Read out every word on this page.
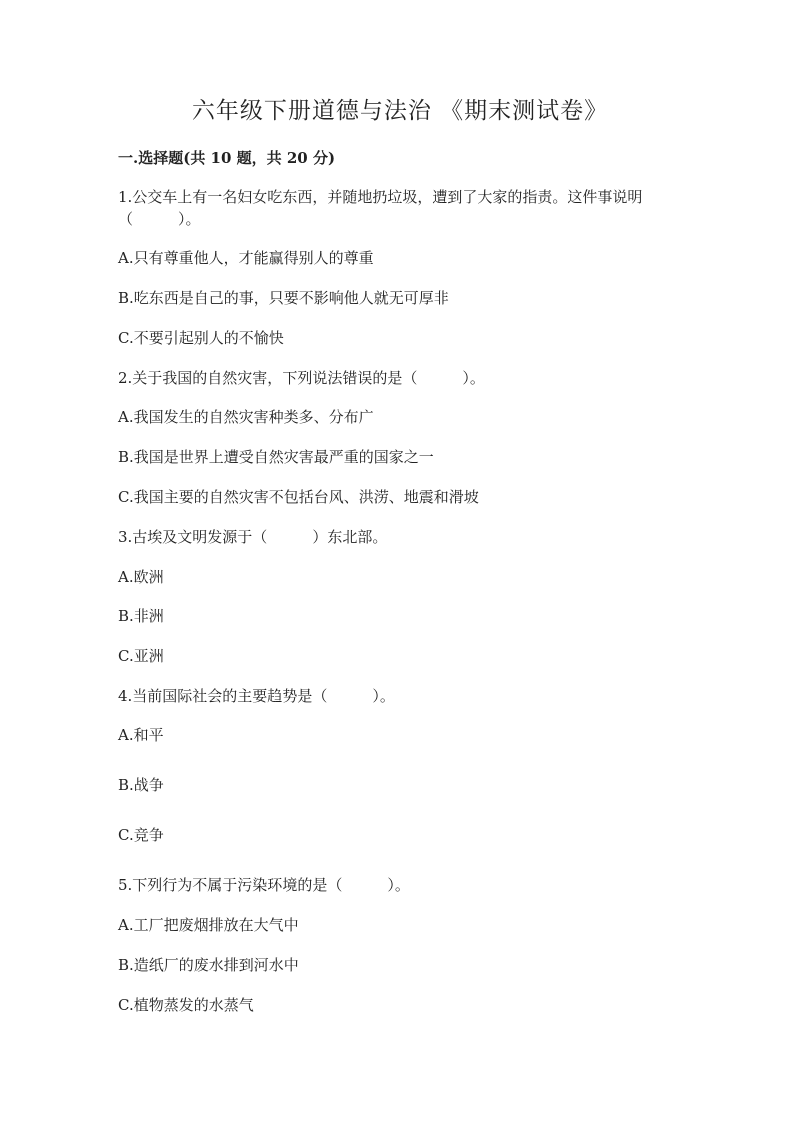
六年级下册道德与法治 《期末测试卷》
一.选择题(共 10 题，共 20 分)
1.公交车上有一名妇女吃东西，并随地扔垃圾，遭到了大家的指责。这件事说明（　　　）。
A.只有尊重他人，才能赢得别人的尊重
B.吃东西是自己的事，只要不影响他人就无可厚非
C.不要引起别人的不愉快
2.关于我国的自然灾害，下列说法错误的是（　　　）。
A.我国发生的自然灾害种类多、分布广
B.我国是世界上遭受自然灾害最严重的国家之一
C.我国主要的自然灾害不包括台风、洪涝、地震和滑坡
3.古埃及文明发源于（　　　）东北部。
A.欧洲
B.非洲
C.亚洲
4.当前国际社会的主要趋势是（　　　）。
A.和平
B.战争
C.竞争
5.下列行为不属于污染环境的是（　　　）。
A.工厂把废烟排放在大气中
B.造纸厂的废水排到河水中
C.植物蒸发的水蒸气
